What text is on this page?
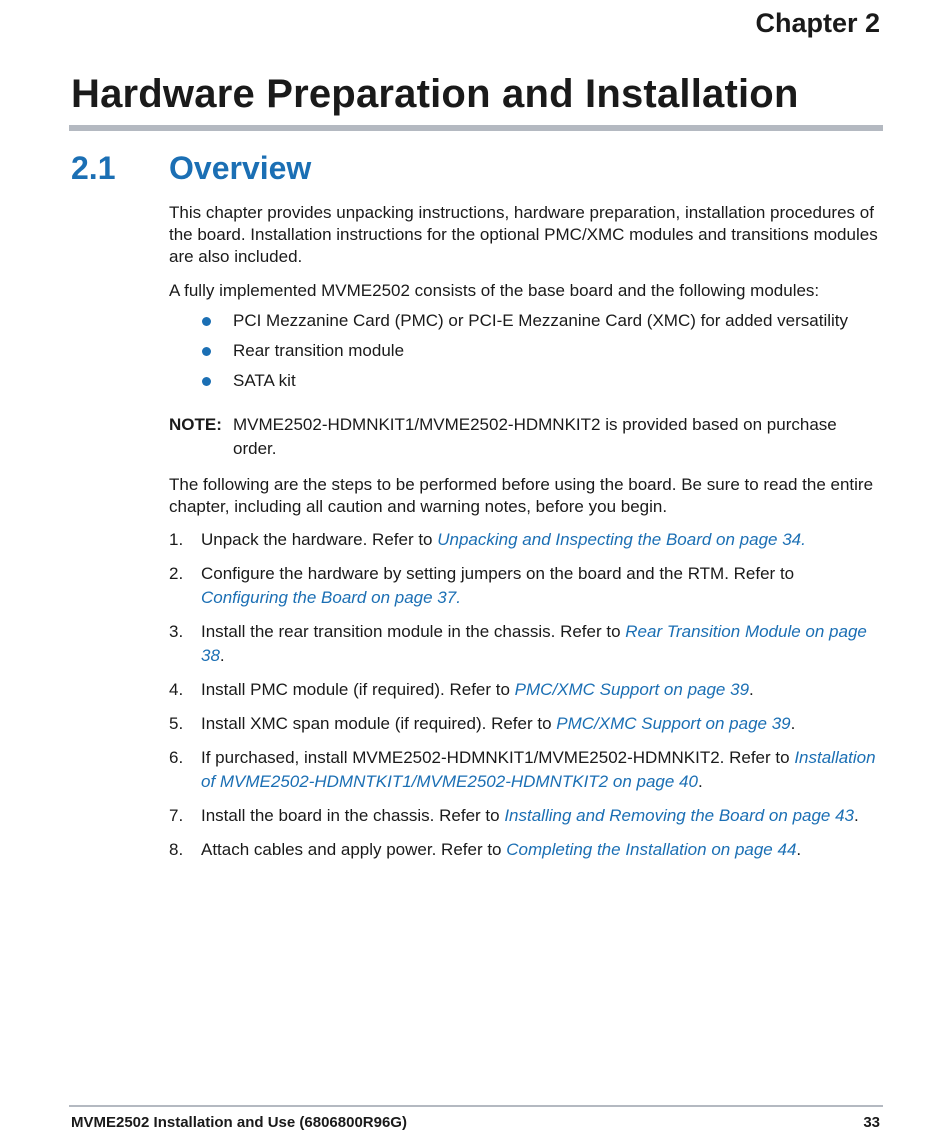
Chapter 2
Hardware Preparation and Installation
2.1 Overview

This chapter provides unpacking instructions, hardware preparation, installation procedures of the board. Installation instructions for the optional PMC/XMC modules and transitions modules are also included.

A fully implemented MVME2502 consists of the base board and the following modules:

PCI Mezzanine Card (PMC) or PCI-E Mezzanine Card (XMC) for added versatility
Rear transition module
SATA kit
NOTE: MVME2502-HDMNKIT1/MVME2502-HDMNKIT2 is provided based on purchase order.

The following are the steps to be performed before using the board. Be sure to read the entire chapter, including all caution and warning notes, before you begin.

1. Unpack the hardware. Refer to Unpacking and Inspecting the Board on page 34.
2. Configure the hardware by setting jumpers on the board and the RTM. Refer to Configuring the Board on page 37.
3. Install the rear transition module in the chassis. Refer to Rear Transition Module on page 38.
4. Install PMC module (if required). Refer to PMC/XMC Support on page 39.
5. Install XMC span module (if required). Refer to PMC/XMC Support on page 39.
6. If purchased, install MVME2502-HDMNKIT1/MVME2502-HDMNKIT2. Refer to Installation of MVME2502-HDMNTKIT1/MVME2502-HDMNTKIT2 on page 40.
7. Install the board in the chassis. Refer to Installing and Removing the Board on page 43.
8. Attach cables and apply power. Refer to Completing the Installation on page 44.
MVME2502 Installation and Use (6806800R96G)	33
